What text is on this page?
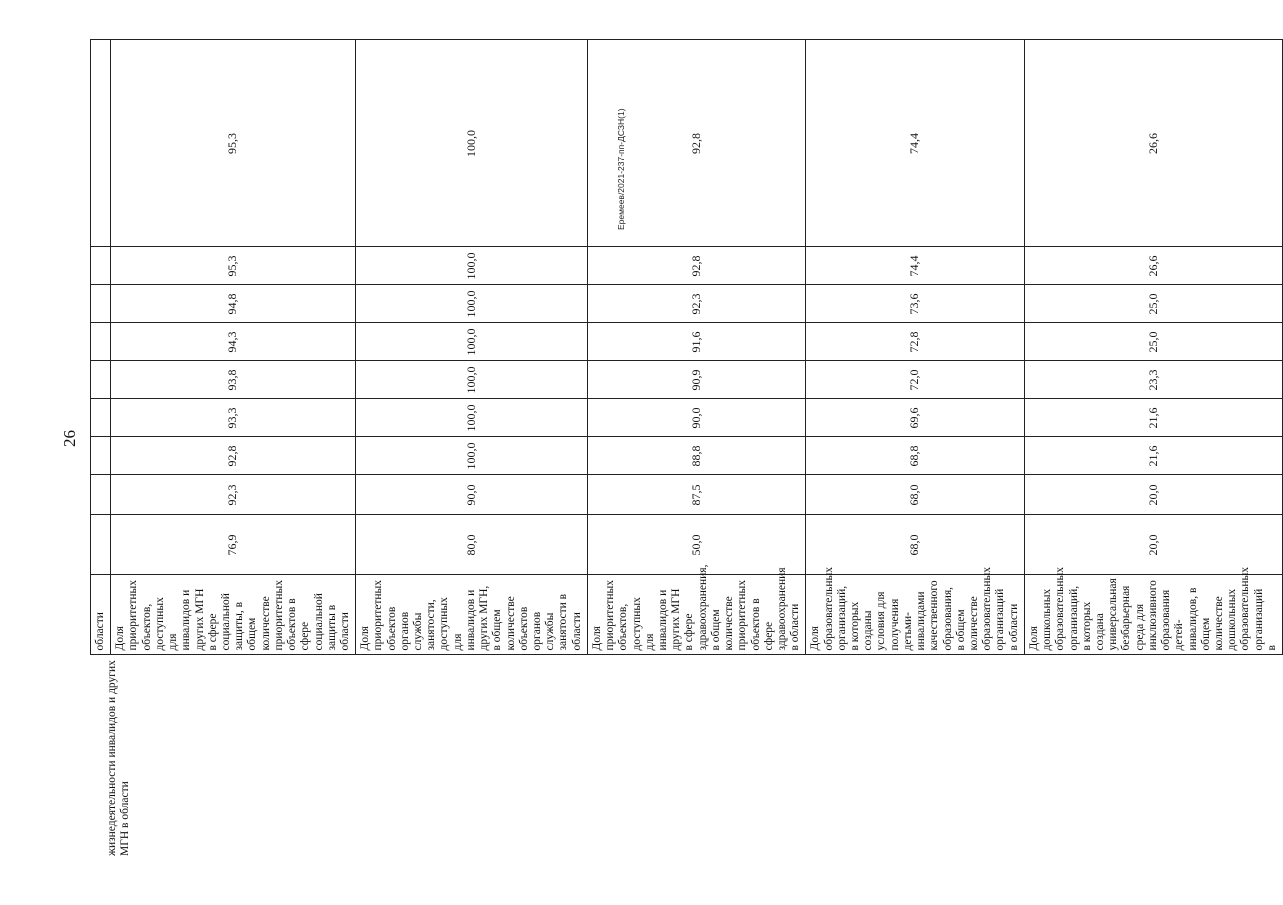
26
Еремеев/2021-237-пп-ДСЗН(1)
жизнедеятельности инвалидов и других МГН в области	области									
	Доля приоритетных объектов, доступных для инвалидов и других МГН в сфере социальной защиты, в общем количестве приоритетных объектов в сфере социальной защиты в области	76,9	92,3	92,8	93,3	93,8	94,3	94,8	95,3	95,3
	Доля приоритетных объектов органов службы занятости, доступных для инвалидов и других МГН, в общем количестве объектов органов службы занятости в области	80,0	90,0	100,0	100,0	100,0	100,0	100,0	100,0	100,0
	Доля приоритетных объектов, доступных для инвалидов и других МГН в сфере здравоохранения, в общем количестве приоритетных объектов в сфере здравоохранения в области	50,0	87,5	88,8	90,0	90,9	91,6	92,3	92,8	92,8
	Доля образовательных организаций, в которых созданы условия для получения детьми-инвалидами качественного образования, в общем количестве образовательных организаций в области	68,0	68,0	68,8	69,6	72,0	72,8	73,6	74,4	74,4
	Доля дошкольных образовательных организаций, в которых создана универсальная безбарьерная среда для инклюзивного образования детей-инвалидов, в общем количестве дошкольных образовательных организаций в	20,0	20,0	21,6	21,6	23,3	25,0	25,0	26,6	26,6
